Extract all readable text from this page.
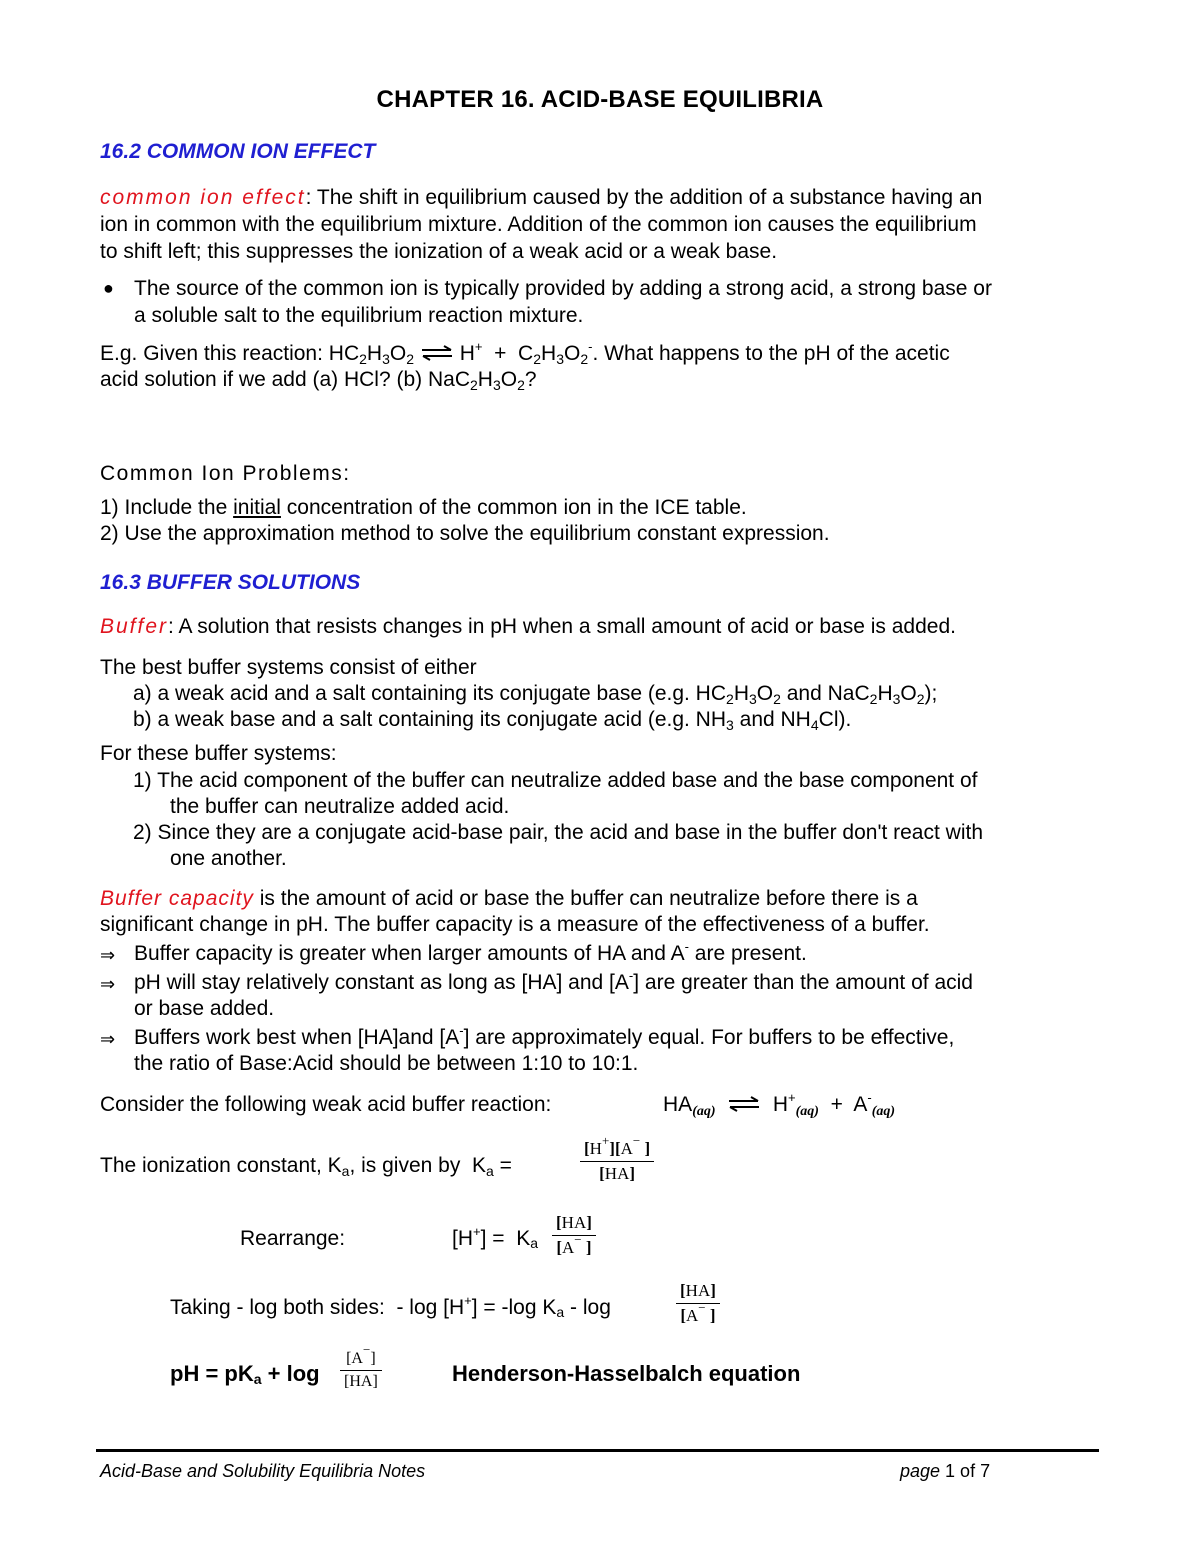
CHAPTER 16. ACID-BASE EQUILIBRIA
16.2 COMMON ION EFFECT
common ion effect: The shift in equilibrium caused by the addition of a substance having an
ion in common with the equilibrium mixture. Addition of the common ion causes the equilibrium
to shift left; this suppresses the ionization of a weak acid or a weak base.
● The source of the common ion is typically provided by adding a strong acid, a strong base or
a soluble salt to the equilibrium reaction mixture.
E.g. Given this reaction: $HC_2H_3O_2$ ⇌ $H^+ + C_2H_3O_2^-$. What happens to the pH of the acetic
acid solution if we add (a) HCl? (b) $NaC_2H_3O_2$?
Common Ion Problems:
1) Include the initial concentration of the common ion in the ICE table.
2) Use the approximation method to solve the equilibrium constant expression.
16.3 BUFFER SOLUTIONS
Buffer: A solution that resists changes in pH when a small amount of acid or base is added.
The best buffer systems consist of either
a) a weak acid and a salt containing its conjugate base (e.g. $HC_2H_3O_2$ and $NaC_2H_3O_2$);
b) a weak base and a salt containing its conjugate acid (e.g. $NH_3$ and $NH_4Cl$).
For these buffer systems:
1) The acid component of the buffer can neutralize added base and the base component of
the buffer can neutralize added acid.
2) Since they are a conjugate acid-base pair, the acid and base in the buffer don't react with
one another.
Buffer capacity is the amount of acid or base the buffer can neutralize before there is a
significant change in pH. The buffer capacity is a measure of the effectiveness of a buffer.
⇒ Buffer capacity is greater when larger amounts of HA and A- are present.
⇒ pH will stay relatively constant as long as [HA] and [A-] are greater than the amount of acid
or base added.
⇒ Buffers work best when [HA]and [A-] are approximately equal. For buffers to be effective,
the ratio of Base:Acid should be between 1:10 to 10:1.
Consider the following weak acid buffer reaction:	$HA_{(aq)}$ ⇌ $H^+_{(aq)} + A^-_{(aq)}$
The ionization constant, $K_a$, is given by  $K_a$ =	$\frac{[H^+][A^- ]}{[HA]}$
Rearrange:	[H+] =  Ka $\frac{[HA]}{[A^- ]}$
Taking - log both sides:  - log [H+] = -log Ka - log	$\frac{[HA]}{[A^- ]}$
pH = pKa + $\log \frac{[A^-]}{[HA]}$	Henderson-Hasselbalch equation
Acid-Base and Solubility Equilibria Notes	page 1 of 7
